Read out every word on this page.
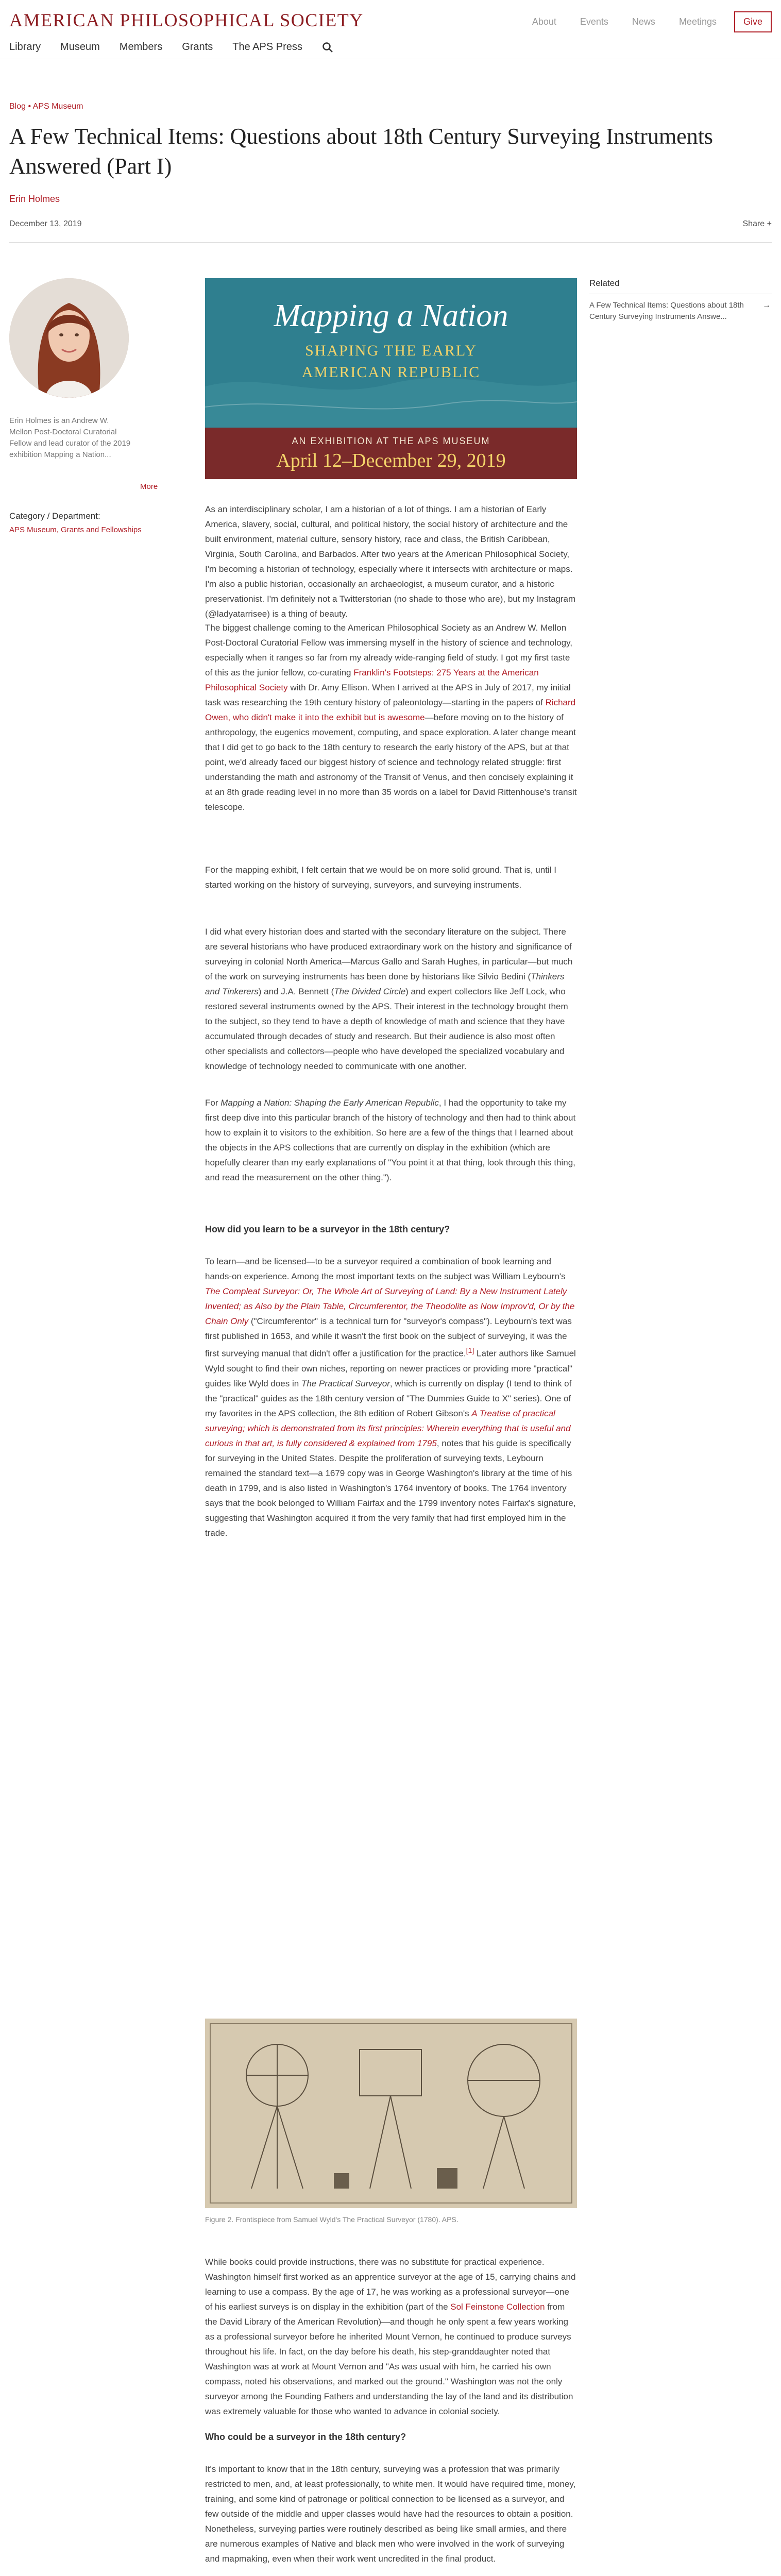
AMERICAN PHILOSOPHICAL SOCIETY	About	Events	News	Meetings	Give
Library Museum Members Grants The APS Press
Blog • APS Museum
A Few Technical Items: Questions about 18th Century Surveying Instruments Answered (Part I)
Erin Holmes
December 13, 2019	Share +
Erin Holmes is an Andrew W. Mellon Post-Doctoral Curatorial Fellow and lead curator of the 2019 exhibition Mapping a Nation...
More
Category / Department:
APS Museum, Grants and Fellowships
Related
A Few Technical Items: Questions about 18th Century Surveying Instruments Answe...
→
Mapping a Nation
SHAPING THE EARLY
AMERICAN REPUBLIC
AN EXHIBITION AT THE APS MUSEUM
April 12–December 29, 2019
As an interdisciplinary scholar, I am a historian of a lot of things. I am a historian of Early America, slavery, social, cultural, and political history, the social history of architecture and the built environment, material culture, sensory history, race and class, the British Caribbean, Virginia, South Carolina, and Barbados. After two years at the American Philosophical Society, I'm becoming a historian of technology, especially where it intersects with architecture or maps. I'm also a public historian, occasionally an archaeologist, a museum curator, and a historic preservationist. I'm definitely not a Twitterstorian (no shade to those who are), but my Instagram (@ladyatarrisee) is a thing of beauty.
The biggest challenge coming to the American Philosophical Society as an Andrew W. Mellon Post-Doctoral Curatorial Fellow was immersing myself in the history of science and technology, especially when it ranges so far from my already wide-ranging field of study. I got my first taste of this as the junior fellow, co-curating Franklin's Footsteps: 275 Years at the American Philosophical Society with Dr. Amy Ellison. When I arrived at the APS in July of 2017, my initial task was researching the 19th century history of paleontology—starting in the papers of Richard Owen, who didn't make it into the exhibit but is awesome—before moving on to the history of anthropology, the eugenics movement, computing, and space exploration. A later change meant that I did get to go back to the 18th century to research the early history of the APS, but at that point, we'd already faced our biggest history of science and technology related struggle: first understanding the math and astronomy of the Transit of Venus, and then concisely explaining it at an 8th grade reading level in no more than 35 words on a label for David Rittenhouse's transit telescope.
For the mapping exhibit, I felt certain that we would be on more solid ground. That is, until I started working on the history of surveying, surveyors, and surveying instruments.
I did what every historian does and started with the secondary literature on the subject. There are several historians who have produced extraordinary work on the history and significance of surveying in colonial North America—Marcus Gallo and Sarah Hughes, in particular—but much of the work on surveying instruments has been done by historians like Silvio Bedini (Thinkers and Tinkerers) and J.A. Bennett (The Divided Circle) and expert collectors like Jeff Lock, who restored several instruments owned by the APS. Their interest in the technology brought them to the subject, so they tend to have a depth of knowledge of math and science that they have accumulated through decades of study and research. But their audience is also most often other specialists and collectors—people who have developed the specialized vocabulary and knowledge of technology needed to communicate with one another.
For Mapping a Nation: Shaping the Early American Republic, I had the opportunity to take my first deep dive into this particular branch of the history of technology and then had to think about how to explain it to visitors to the exhibition. So here are a few of the things that I learned about the objects in the APS collections that are currently on display in the exhibition (which are hopefully clearer than my early explanations of "You point it at that thing, look through this thing, and read the measurement on the other thing.").
How did you learn to be a surveyor in the 18th century?
To learn—and be licensed—to be a surveyor required a combination of book learning and hands-on experience. Among the most important texts on the subject was William Leybourn's The Compleat Surveyor: Or, The Whole Art of Surveying of Land: By a New Instrument Lately Invented; as Also by the Plain Table, Circumferentor, the Theodolite as Now Improv'd, Or by the Chain Only ("Circumferentor" is a technical turn for "surveyor's compass"). Leybourn's text was first published in 1653, and while it wasn't the first book on the subject of surveying, it was the first surveying manual that didn't offer a justification for the practice.[1] Later authors like Samuel Wyld sought to find their own niches, reporting on newer practices or providing more "practical" guides like Wyld does in The Practical Surveyor, which is currently on display (I tend to think of the "practical" guides as the 18th century version of "The Dummies Guide to X" series). One of my favorites in the APS collection, the 8th edition of Robert Gibson's A Treatise of practical surveying; which is demonstrated from its first principles: Wherein everything that is useful and curious in that art, is fully considered & explained from 1795, notes that his guide is specifically for surveying in the United States. Despite the proliferation of surveying texts, Leybourn remained the standard text—a 1679 copy was in George Washington's library at the time of his death in 1799, and is also listed in Washington's 1764 inventory of books. The 1764 inventory says that the book belonged to William Fairfax and the 1799 inventory notes Fairfax's signature, suggesting that Washington acquired it from the very family that had first employed him in the trade.
Figure 2. Frontispiece from Samuel Wyld's The Practical Surveyor (1780). APS.
While books could provide instructions, there was no substitute for practical experience. Washington himself first worked as an apprentice surveyor at the age of 15, carrying chains and learning to use a compass. By the age of 17, he was working as a professional surveyor—one of his earliest surveys is on display in the exhibition (part of the Sol Feinstone Collection from the David Library of the American Revolution)—and though he only spent a few years working as a professional surveyor before he inherited Mount Vernon, he continued to produce surveys throughout his life. In fact, on the day before his death, his step-granddaughter noted that Washington was at work at Mount Vernon and "As was usual with him, he carried his own compass, noted his observations, and marked out the ground." Washington was not the only surveyor among the Founding Fathers and understanding the lay of the land and its distribution was extremely valuable for those who wanted to advance in colonial society.
Who could be a surveyor in the 18th century?
It's important to know that in the 18th century, surveying was a profession that was primarily restricted to men, and, at least professionally, to white men. It would have required time, money, training, and some kind of patronage or political connection to be licensed as a surveyor, and few outside of the middle and upper classes would have had the resources to obtain a position. Nonetheless, surveying parties were routinely described as being like small armies, and there are numerous examples of Native and black men who were involved in the work of surveying and mapmaking, even when their work went uncredited in the final product.
